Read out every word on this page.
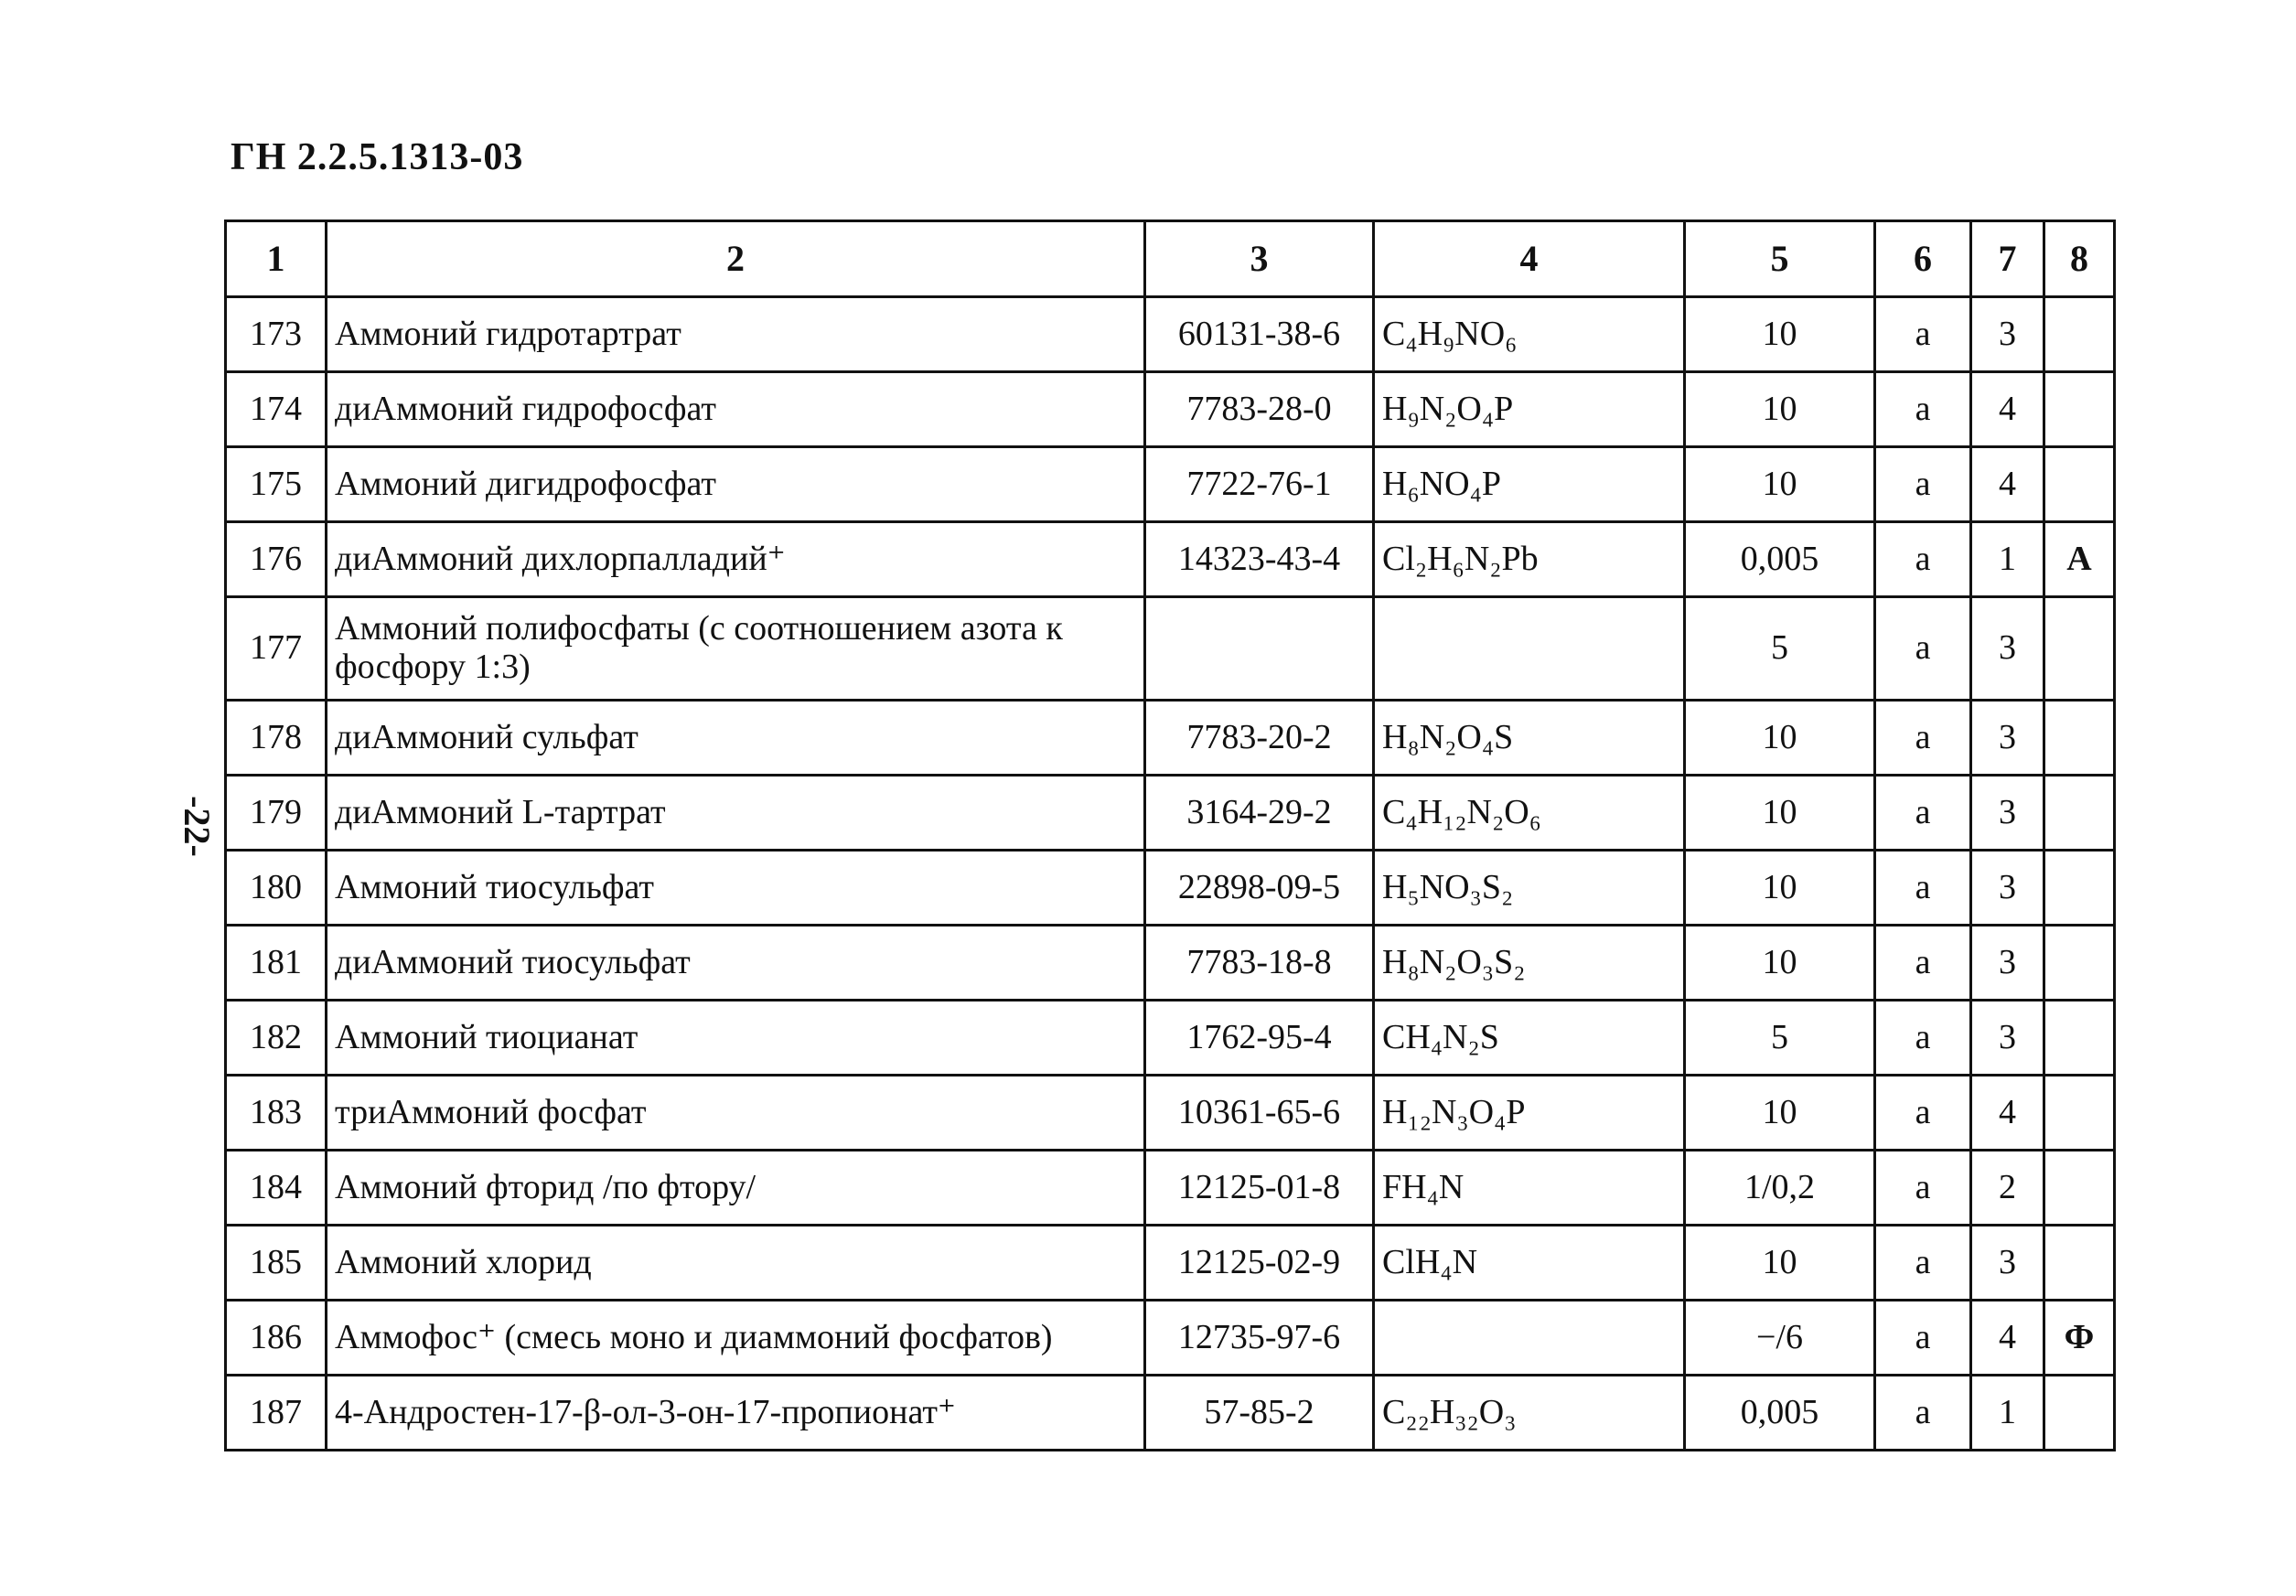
ГН 2.2.5.1313-03
-22-
1	2	3	4	5	6	7	8
173	Аммоний гидротартрат	60131-38-6	C₄H₉NO₆	10	а	3	
174	диАммоний гидрофосфат	7783-28-0	H₉N₂O₄P	10	а	4	
175	Аммоний дигидрофосфат	7722-76-1	H₆NO₄P	10	а	4	
176	диАммоний дихлорпалладий⁺	14323-43-4	Cl₂H₆N₂Pb	0,005	а	1	А
177	Аммоний полифосфаты (с соотношением азота к фосфору 1:3)			5	а	3	
178	диАммоний сульфат	7783-20-2	H₈N₂O₄S	10	а	3	
179	диАммоний L-тартрат	3164-29-2	C₄H₁₂N₂O₆	10	а	3	
180	Аммоний тиосульфат	22898-09-5	H₅NO₃S₂	10	а	3	
181	диАммоний тиосульфат	7783-18-8	H₈N₂O₃S₂	10	а	3	
182	Аммоний тиоцианат	1762-95-4	CH₄N₂S	5	а	3	
183	триАммоний фосфат	10361-65-6	H₁₂N₃O₄P	10	а	4	
184	Аммоний фторид /по фтору/	12125-01-8	FH₄N	1/0,2	а	2	
185	Аммоний хлорид	12125-02-9	ClH₄N	10	а	3	
186	Аммофос⁺ (смесь моно и диаммоний фосфатов)	12735-97-6		−/6	а	4	Ф
187	4-Андростен-17-β-ол-3-он-17-пропионат⁺	57-85-2	C₂₂H₃₂O₃	0,005	а	1	
